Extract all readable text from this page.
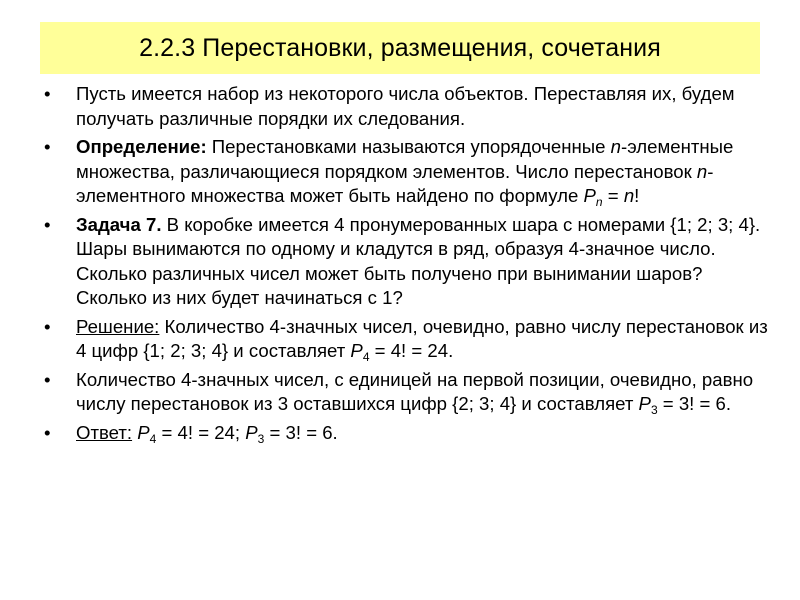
2.2.3 Перестановки, размещения, сочетания
•	Пусть имеется набор из некоторого числа объектов. Переставляя их, будем получать различные порядки их следования.
•	Определение: Перестановками называются упорядоченные n-элементные множества, различающиеся порядком элементов. Число перестановок n-элементного множества может быть найдено по формуле $P_n = n$!
•	Задача 7. В коробке имеется 4 пронумерованных шара с номерами {1; 2; 3; 4}. Шары вынимаются по одному и кладутся в ряд, образуя 4-значное число. Сколько различных чисел может быть получено при вынимании шаров? Сколько из них будет начинаться с 1?
•	Решение: Количество 4-значных чисел, очевидно, равно числу перестановок из 4 цифр {1; 2; 3; 4} и составляет $P_4 = 4$! = 24.
•	Количество 4-значных чисел, с единицей на первой позиции, очевидно, равно числу перестановок из 3 оставшихся цифр {2; 3; 4} и составляет $P_3 = 3$! = 6.
•	Ответ: $P_4 = 4$! = 24; $P_3 = 3$! = 6.
